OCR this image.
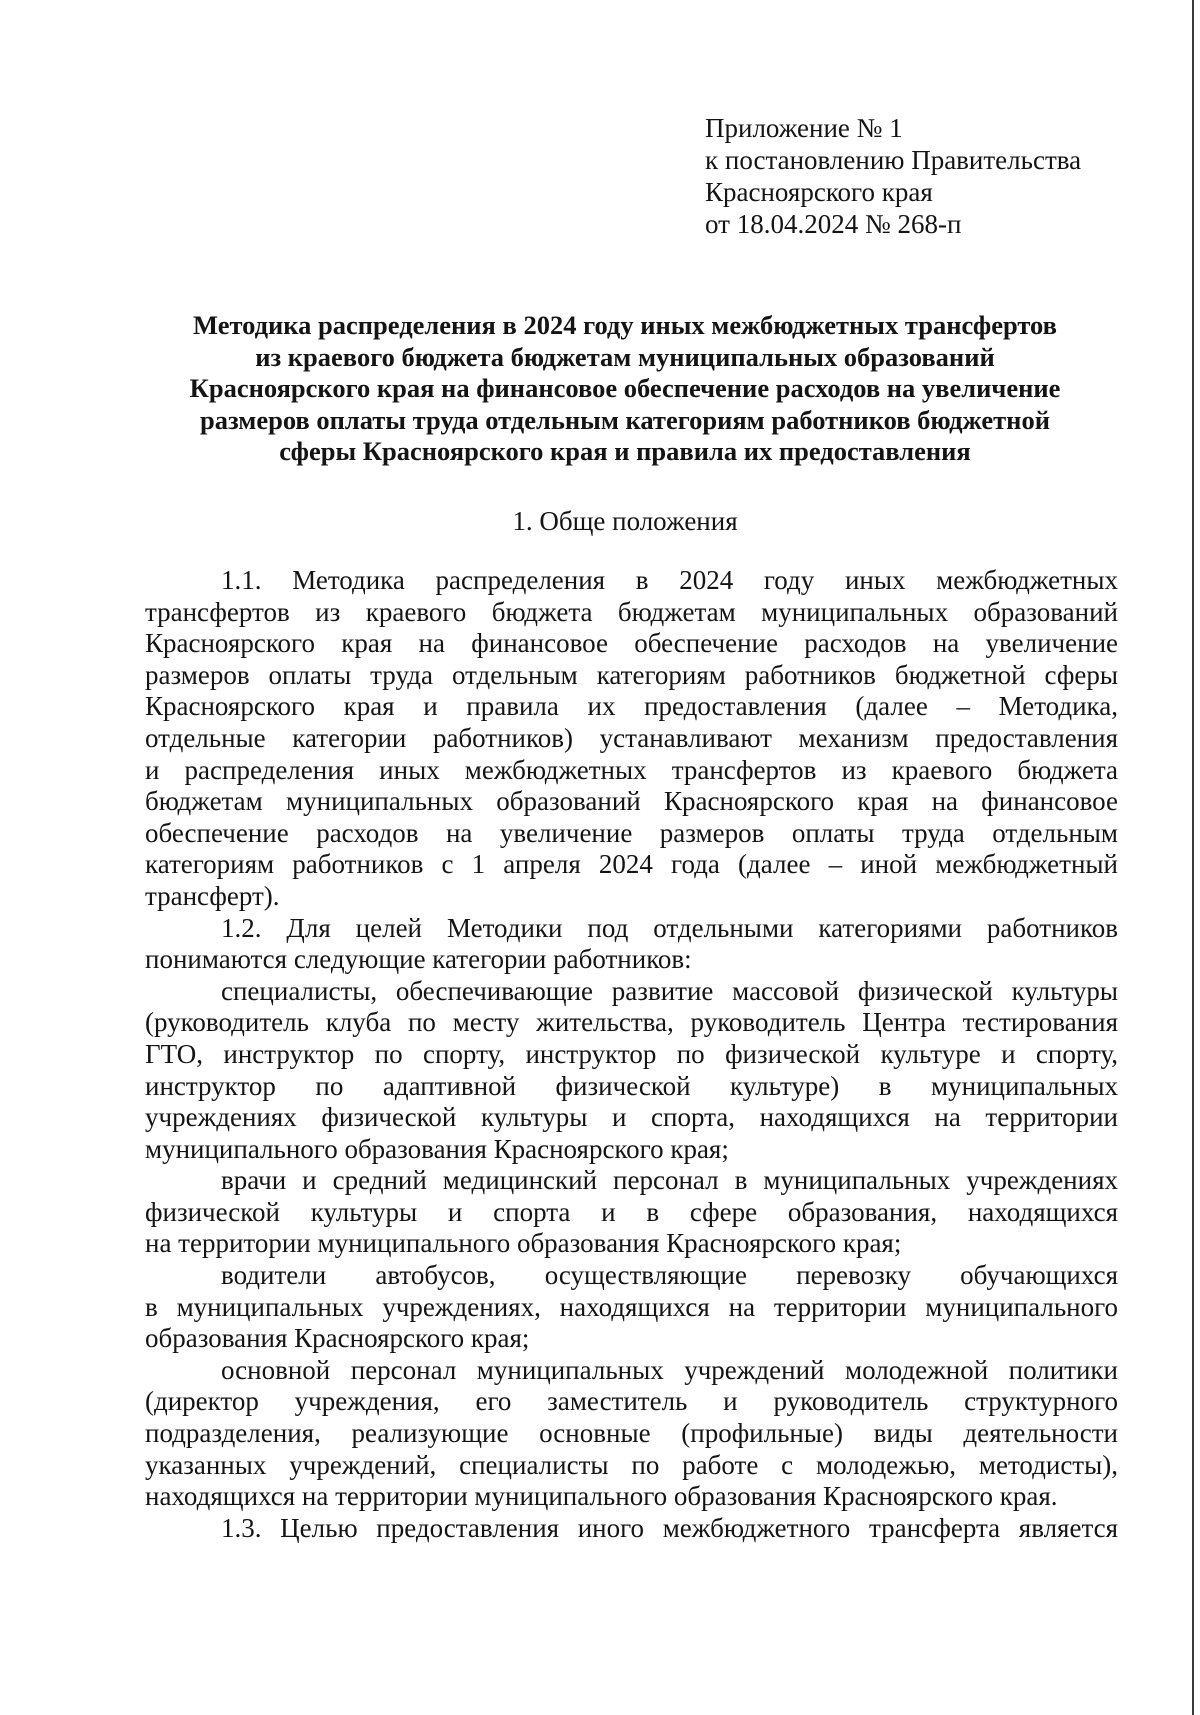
Приложение № 1
к постановлению Правительства
Красноярского края
от 18.04.2024 № 268-п
Методика распределения в 2024 году иных межбюджетных трансфертов
из краевого бюджета бюджетам муниципальных образований
Красноярского края на финансовое обеспечение расходов на увеличение
размеров оплаты труда отдельным категориям работников бюджетной
сферы Красноярского края и правила их предоставления
1. Обще положения
1.1. Методика распределения в 2024 году иных межбюджетных
трансфертов из краевого бюджета бюджетам муниципальных образований
Красноярского края на финансовое обеспечение расходов на увеличение
размеров оплаты труда отдельным категориям работников бюджетной сферы
Красноярского края и правила их предоставления (далее – Методика,
отдельные категории работников) устанавливают механизм предоставления
и распределения иных межбюджетных трансфертов из краевого бюджета
бюджетам муниципальных образований Красноярского края на финансовое
обеспечение расходов на увеличение размеров оплаты труда отдельным
категориям работников с 1 апреля 2024 года (далее – иной межбюджетный
трансферт).
1.2. Для целей Методики под отдельными категориями работников
понимаются следующие категории работников:
специалисты, обеспечивающие развитие массовой физической культуры
(руководитель клуба по месту жительства, руководитель Центра тестирования
ГТО, инструктор по спорту, инструктор по физической культуре и спорту,
инструктор по адаптивной физической культуре) в муниципальных
учреждениях физической культуры и спорта, находящихся на территории
муниципального образования Красноярского края;
врачи и средний медицинский персонал в муниципальных учреждениях
физической культуры и спорта и в сфере образования, находящихся
на территории муниципального образования Красноярского края;
водители автобусов, осуществляющие перевозку обучающихся
в муниципальных учреждениях, находящихся на территории муниципального
образования Красноярского края;
основной персонал муниципальных учреждений молодежной политики
(директор учреждения, его заместитель и руководитель структурного
подразделения, реализующие основные (профильные) виды деятельности
указанных учреждений, специалисты по работе с молодежью, методисты),
находящихся на территории муниципального образования Красноярского края.
1.3. Целью предоставления иного межбюджетного трансферта является
